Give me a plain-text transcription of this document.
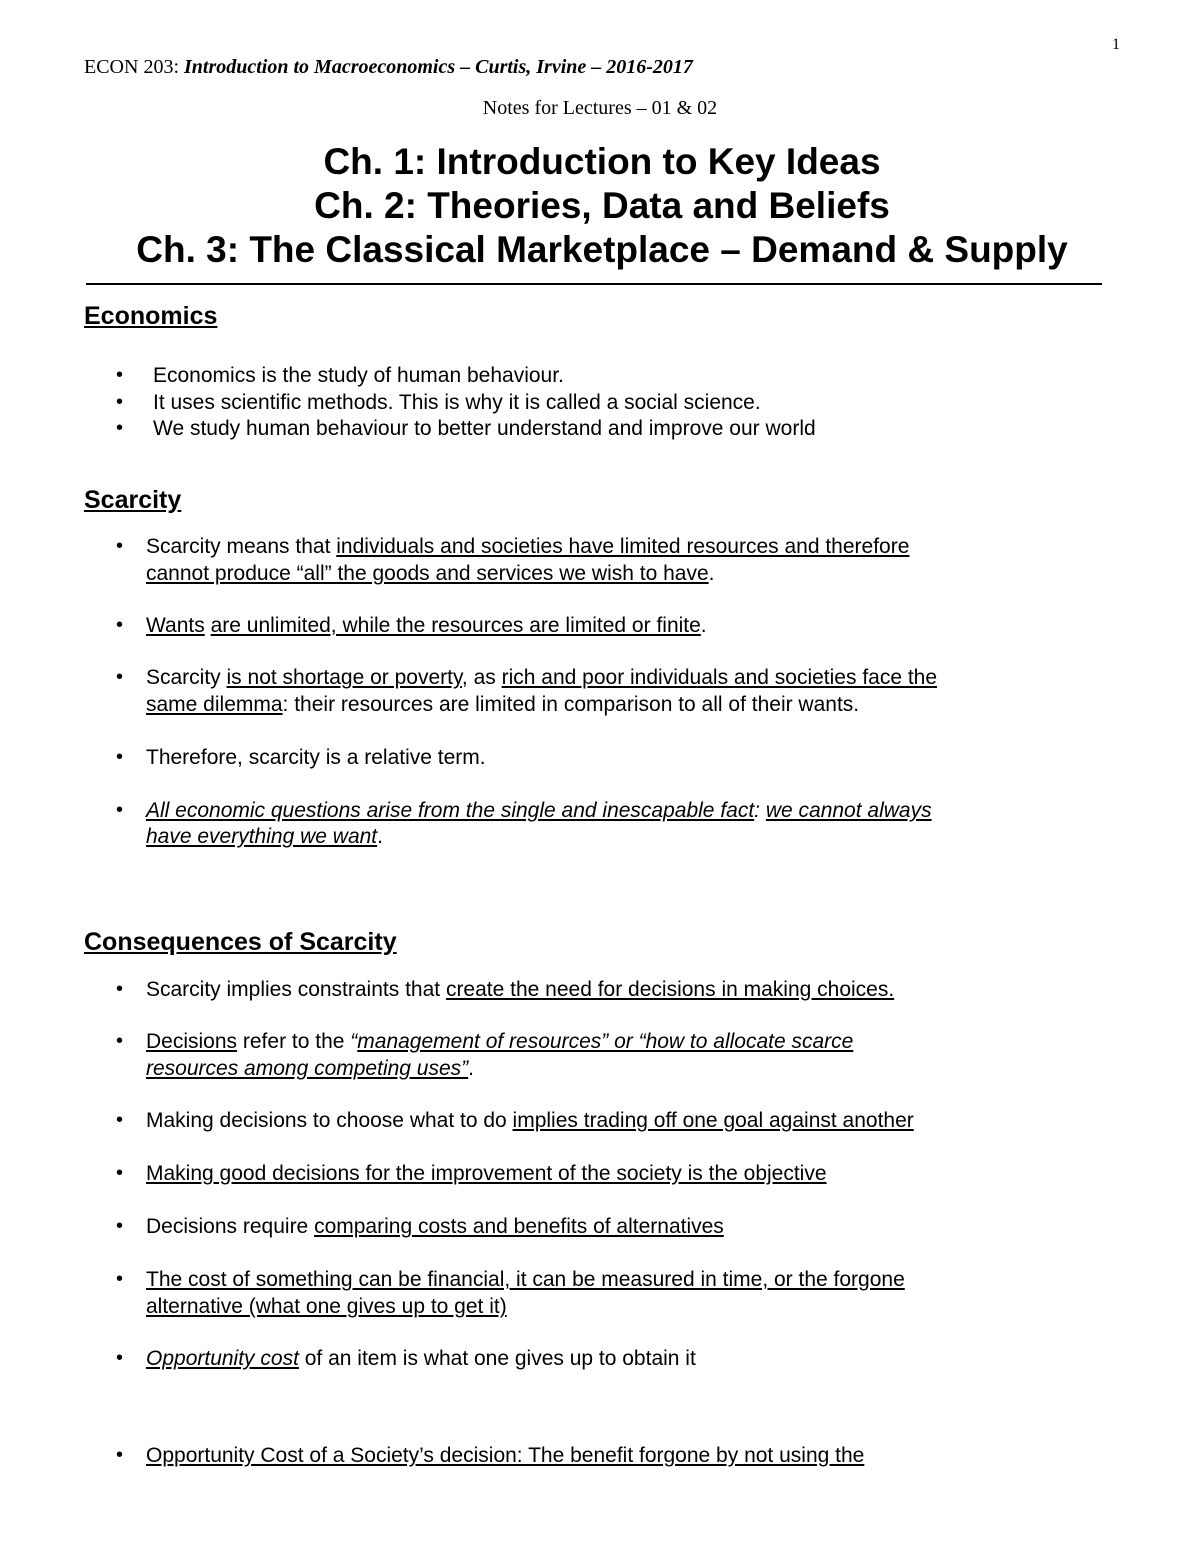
1
ECON 203: Introduction to Macroeconomics – Curtis, Irvine – 2016-2017
Notes for Lectures – 01 & 02
Ch. 1: Introduction to Key Ideas
Ch. 2: Theories, Data and Beliefs
Ch. 3: The Classical Marketplace – Demand & Supply
Economics
• Economics is the study of human behaviour.
• It uses scientific methods. This is why it is called a social science.
• We study human behaviour to better understand and improve our world
Scarcity
• Scarcity means that individuals and societies have limited resources and therefore
cannot produce “all” the goods and services we wish to have.
• Wants are unlimited, while the resources are limited or finite.
• Scarcity is not shortage or poverty, as rich and poor individuals and societies face the
same dilemma: their resources are limited in comparison to all of their wants.
• Therefore, scarcity is a relative term.
• All economic questions arise from the single and inescapable fact: we cannot always
have everything we want.
Consequences of Scarcity
• Scarcity implies constraints that create the need for decisions in making choices.
• Decisions refer to the “management of resources” or “how to allocate scarce
resources among competing uses”.
• Making decisions to choose what to do implies trading off one goal against another
• Making good decisions for the improvement of the society is the objective
• Decisions require comparing costs and benefits of alternatives
• The cost of something can be financial, it can be measured in time, or the forgone
alternative (what one gives up to get it)
• Opportunity cost of an item is what one gives up to obtain it
• Opportunity Cost of a Society’s decision: The benefit forgone by not using the
